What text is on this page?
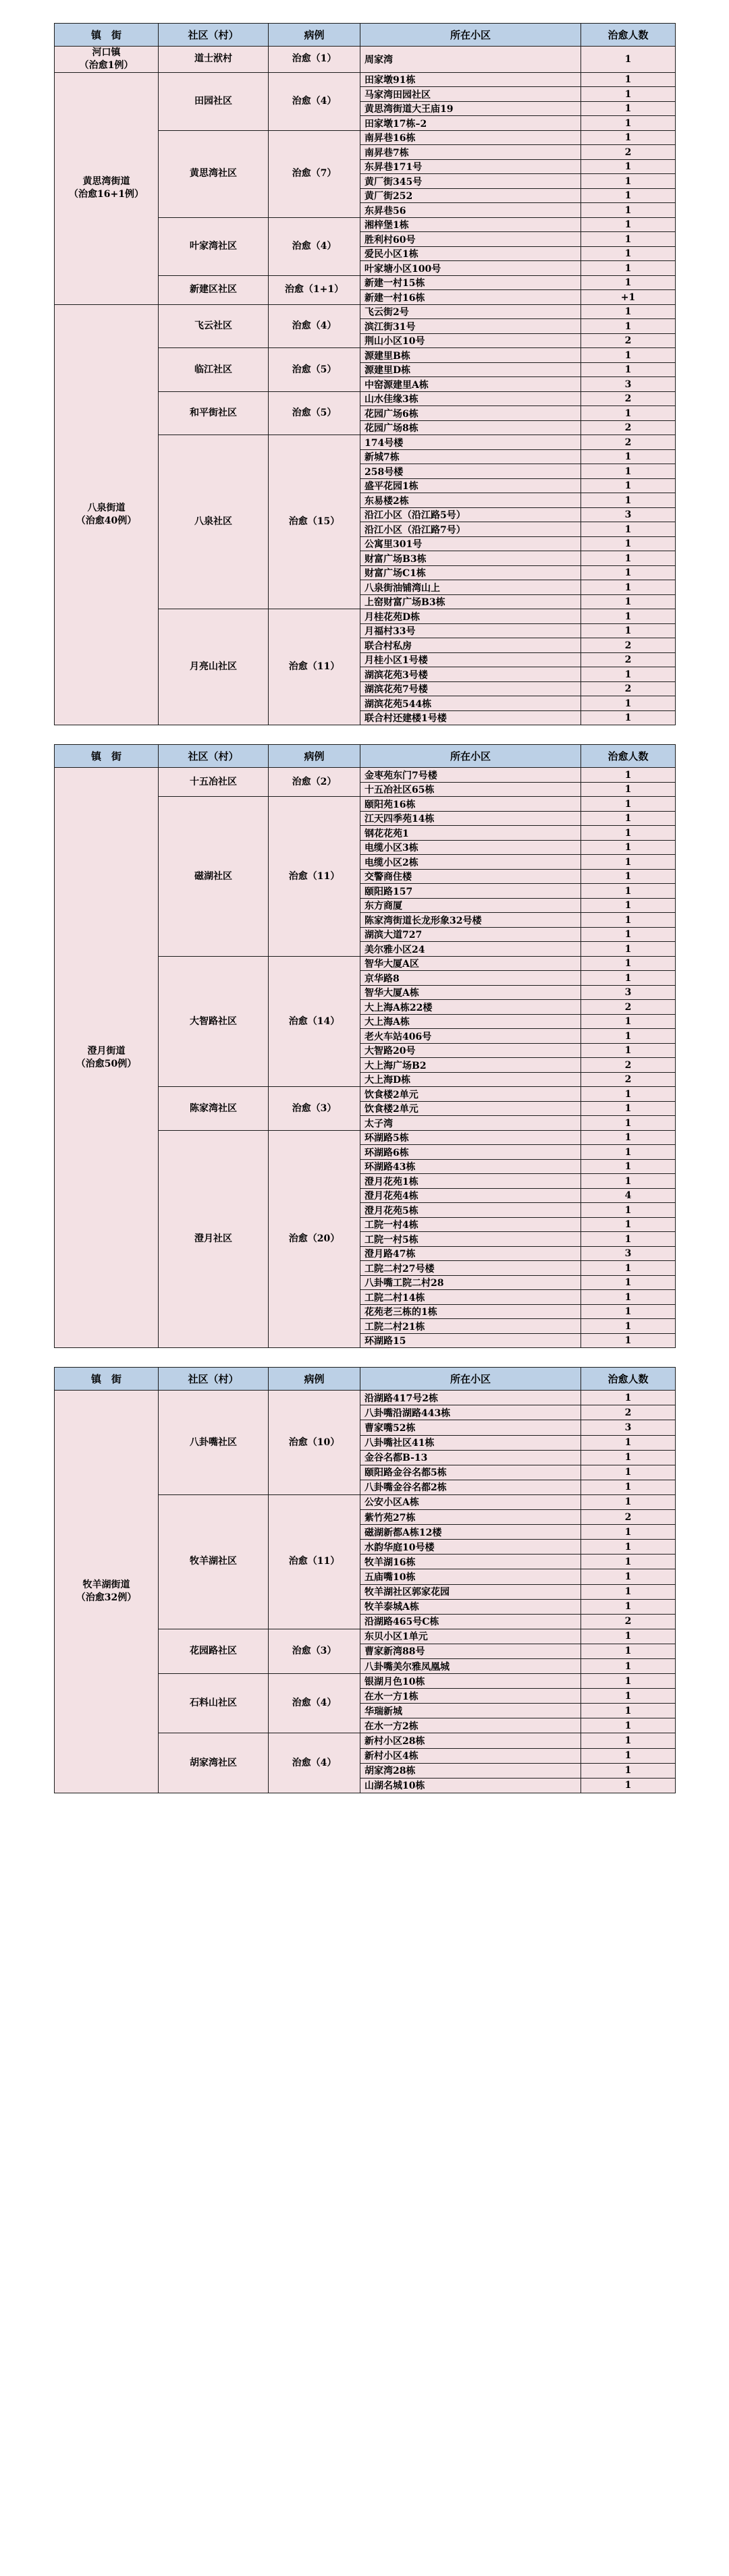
镇　街	社区（村）	病例	所在小区	治愈人数

河口镇
（治愈1例）	道士洑村	治愈（1）	周家湾	1

黄思湾街道
（治愈16+1例）	田园社区	治愈（4）	田家墩91栋	1
			马家湾田园社区	1
			黄思湾街道大王庙19	1
			田家墩17栋–2	1
	黄思湾社区	治愈（7）	南昇巷16栋	1
			南昇巷7栋	2
			东昇巷171号	1
			黄厂街345号	1
			黄厂街252	1
			东昇巷56	1
	叶家湾社区	治愈（4）	湘梓堡1栋	1
			胜利村60号	1
			爱民小区1栋	1
			叶家塘小区100号	1
	新建区社区	治愈（1+1）	新建一村15栋	1
			新建一村16栋	+1

八泉街道
（治愈40例）	飞云社区	治愈（4）	飞云街2号	1
			滨江街31号	1
			荆山小区10号	2
	临江社区	治愈（5）	源建里B栋	1
			源建里D栋	1
			中窑源建里A栋	3
	和平街社区	治愈（5）	山水佳缘3栋	2
			花园广场6栋	1
			花园广场8栋	2
	八泉社区	治愈（15）	174号楼	2
			新城7栋	1
			258号楼	1
			盛平花园1栋	1
			东易楼2栋	1
			沿江小区（沿江路5号）	3
			沿江小区（沿江路7号）	1
			公寓里301号	1
			财富广场B3栋	1
			财富广场C1栋	1
			八泉街油铺湾山上	1
			上窑财富广场B3栋	1
	月亮山社区	治愈（11）	月桂花苑D栋	1
			月福村33号	1
			联合村私房	2
			月桂小区1号楼	2
			湖滨花苑3号楼	1
			湖滨花苑7号楼	2
			湖滨花苑544栋	1
			联合村还建楼1号楼	1
镇　街	社区（村）	病例	所在小区	治愈人数

澄月街道
（治愈50例）	十五冶社区	治愈（2）	金枣苑东门7号楼	1
			十五冶社区65栋	1
	磁湖社区	治愈（11）	颐阳苑16栋	1
			江天四季苑14栋	1
			钢花花苑1	1
			电缆小区3栋	1
			电缆小区2栋	1
			交警商住楼	1
			颐阳路157	1
			东方商厦	1
			陈家湾街道长龙形象32号楼	1
			湖滨大道727	1
			美尔雅小区24	1
	大智路社区	治愈（14）	智华大厦A区	1
			京华路8	1
			智华大厦A栋	3
			大上海A栋22楼	2
			大上海A栋	1
			老火车站406号	1
			大智路20号	1
			大上海广场B2	2
			大上海D栋	2
	陈家湾社区	治愈（3）	饮食楼2单元	1
			饮食楼2单元	1
			太子湾	1
	澄月社区	治愈（20）	环湖路5栋	1
			环湖路6栋	1
			环湖路43栋	1
			澄月花苑1栋	1
			澄月花苑4栋	4
			澄月花苑5栋	1
			工院一村4栋	1
			工院一村5栋	1
			澄月路47栋	3
			工院二村27号楼	1
			八卦嘴工院二村28	1
			工院二村14栋	1
			花苑老三栋的1栋	1
			工院二村21栋	1
			环湖路15	1
镇　街	社区（村）	病例	所在小区	治愈人数

牧羊湖街道
（治愈32例）	八卦嘴社区	治愈（10）	沿湖路417号2栋	1
			八卦嘴沿湖路443栋	2
			曹家嘴52栋	3
			八卦嘴社区41栋	1
			金谷名都B-13	1
			颐阳路金谷名都5栋	1
			八卦嘴金谷名都2栋	1
	牧羊湖社区	治愈（11）	公安小区A栋	1
			紫竹苑27栋	2
			磁湖新都A栋12楼	1
			水韵华庭10号楼	1
			牧羊湖16栋	1
			五庙嘴10栋	1
			牧羊湖社区郭家花园	1
			牧羊泰城A栋	1
			沿湖路465号C栋	2
	花园路社区	治愈（3）	东贝小区1单元	1
			曹家新湾88号	1
			八卦嘴美尔雅凤凰城	1
	石料山社区	治愈（4）	银湖月色10栋	1
			在水一方1栋	1
			华瑞新城	1
			在水一方2栋	1
	胡家湾社区	治愈（4）	新村小区28栋	1
			新村小区4栋	1
			胡家湾28栋	1
			山湖名城10栋	1
